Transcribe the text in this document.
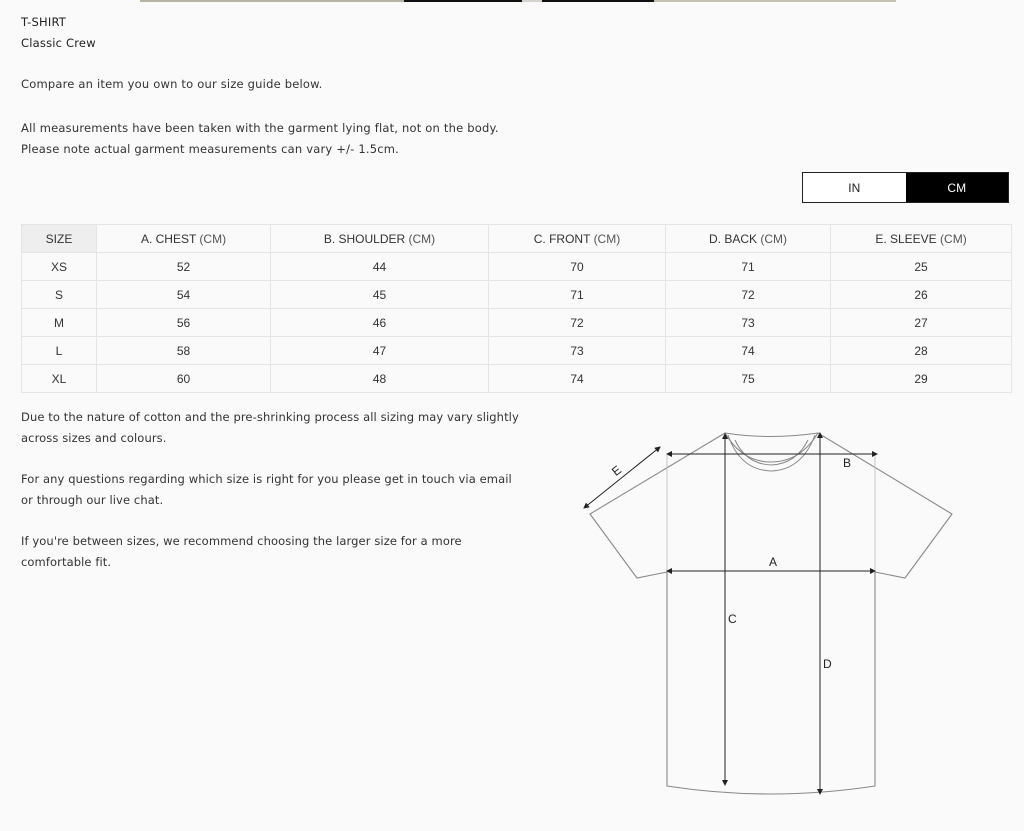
T-SHIRT
Classic Crew
Compare an item you own to our size guide below.
All measurements have been taken with the garment lying flat, not on the body.
Please note actual garment measurements can vary +/- 1.5cm.
IN	CM
SIZE	A. CHEST (CM)	B. SHOULDER (CM)	C. FRONT (CM)	D. BACK (CM)	E. SLEEVE (CM)
XS	52	44	70	71	25
S	54	45	71	72	26
M	56	46	72	73	27
L	58	47	73	74	28
XL	60	48	74	75	29
Due to the nature of cotton and the pre-shrinking process all sizing may vary slightly
across sizes and colours.
For any questions regarding which size is right for you please get in touch via email
or through our live chat.
If you're between sizes, we recommend choosing the larger size for a more
comfortable fit.
B
A
C
D
E
